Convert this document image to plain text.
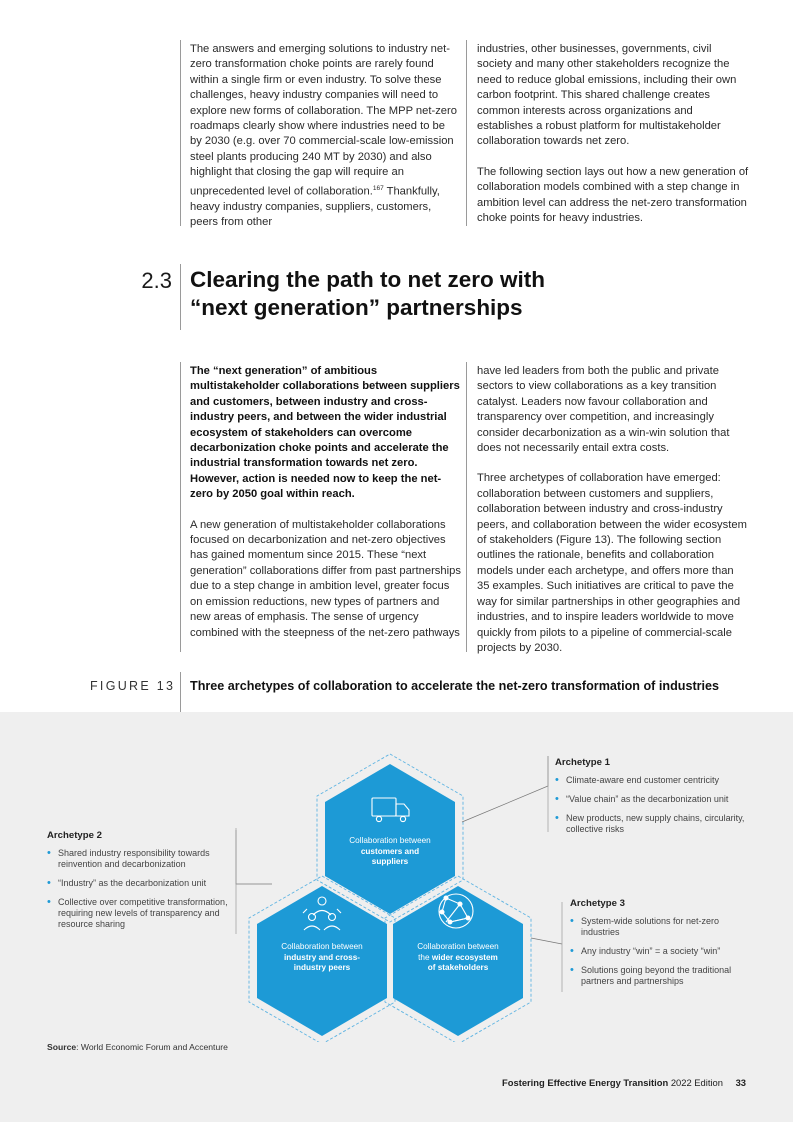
The answers and emerging solutions to industry net-zero transformation choke points are rarely found within a single firm or even industry. To solve these challenges, heavy industry companies will need to explore new forms of collaboration. The MPP net-zero roadmaps clearly show where industries need to be by 2030 (e.g. over 70 commercial-scale low-emission steel plants producing 240 MT by 2030) and also highlight that closing the gap will require an unprecedented level of collaboration.$^{167}$ Thankfully, heavy industry companies, suppliers, customers, peers from other

industries, other businesses, governments, civil society and many other stakeholders recognize the need to reduce global emissions, including their own carbon footprint. This shared challenge creates common interests across organizations and establishes a robust platform for multistakeholder collaboration towards net zero.

The following section lays out how a new generation of collaboration models combined with a step change in ambition level can address the net-zero transformation choke points for heavy industries.

2.3 Clearing the path to net zero with
“next generation” partnerships

The “next generation” of ambitious multistakeholder collaborations between suppliers and customers, between industry and cross-industry peers, and between the wider industrial ecosystem of stakeholders can overcome decarbonization choke points and accelerate the industrial transformation towards net zero. However, action is needed now to keep the net-zero by 2050 goal within reach.

A new generation of multistakeholder collaborations focused on decarbonization and net-zero objectives has gained momentum since 2015. These “next generation” collaborations differ from past partnerships due to a step change in ambition level, greater focus on emission reductions, new types of partners and new areas of emphasis. The sense of urgency combined with the steepness of the net-zero pathways

have led leaders from both the public and private sectors to view collaborations as a key transition catalyst. Leaders now favour collaboration and transparency over competition, and increasingly consider decarbonization as a win-win solution that does not necessarily entail extra costs.

Three archetypes of collaboration have emerged: collaboration between customers and suppliers, collaboration between industry and cross-industry peers, and collaboration between the wider ecosystem of stakeholders (Figure 13). The following section outlines the rationale, benefits and collaboration models under each archetype, and offers more than 35 examples. Such initiatives are critical to pave the way for similar partnerships in other geographies and industries, and to inspire leaders worldwide to move quickly from pilots to a pipeline of commercial-scale projects by 2030.

FIGURE 13 Three archetypes of collaboration to accelerate the net-zero transformation of industries
Collaboration between
customers and
suppliers
Collaboration between
industry and cross-
industry peers
Collaboration between
the wider ecosystem
of stakeholders
Archetype 1
• Climate-aware end customer centricity
• “Value chain” as the decarbonization unit
• New products, new supply chains, circularity, collective risks
Archetype 2
• Shared industry responsibility towards reinvention and decarbonization
• “Industry” as the decarbonization unit
• Collective over competitive transformation, requiring new levels of transparency and resource sharing
Archetype 3
• System-wide solutions for net-zero industries
• Any industry “win” = a society “win”
• Solutions going beyond the traditional partners and partnerships
Source: World Economic Forum and Accenture
Fostering Effective Energy Transition 2022 Edition 33
